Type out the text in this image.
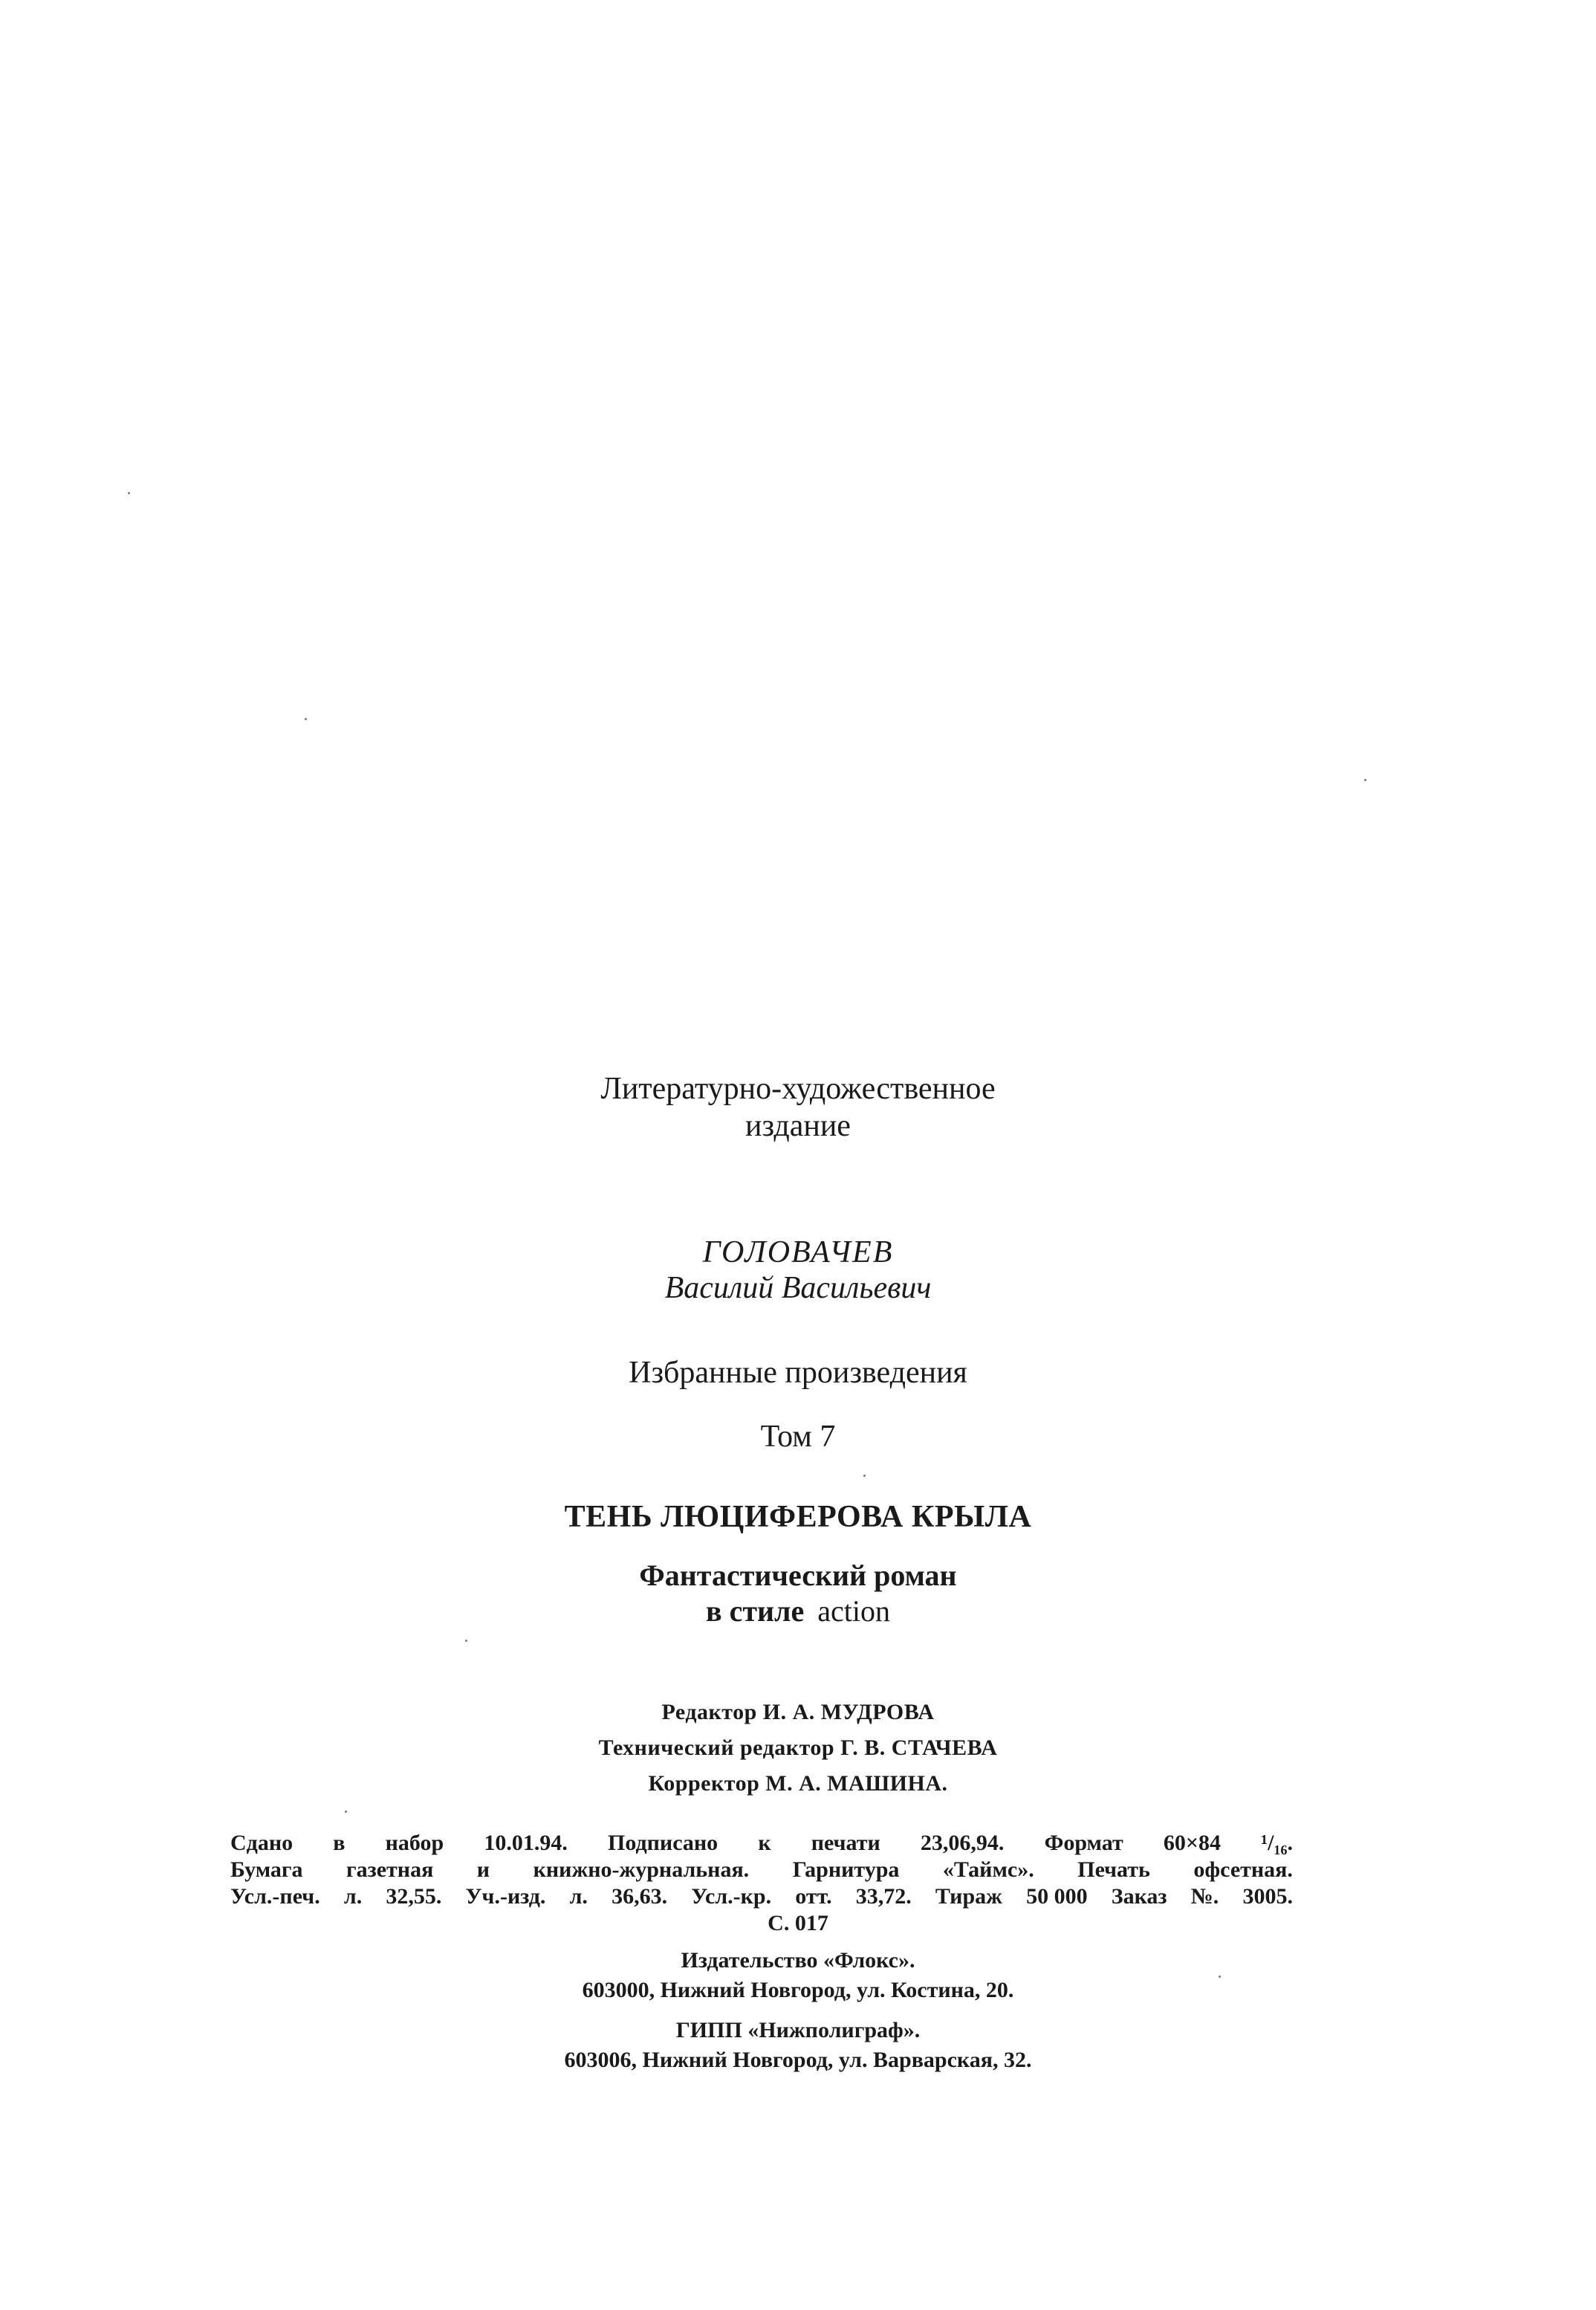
Литературно-художественное
издание
ГОЛОВАЧЕВ
Василий Васильевич
Избранные произведения
Том 7
ТЕНЬ ЛЮЦИФЕРОВА КРЫЛА
Фантастический роман
в стиле action
Редактор И. А. МУДРОВА
Технический редактор Г. В. СТАЧЕВА
Корректор М. А. МАШИНА.
Сдано в набор 10.01.94. Подписано к печати 23,06,94. Формат 60×84 ¹/₁₆.
Бумага газетная и книжно-журнальная. Гарнитура «Таймс». Печать офсетная.
Усл.-печ. л. 32,55. Уч.-изд. л. 36,63. Усл.-кр. отт. 33,72. Тираж 50 000 Заказ №. 3005.
С. 017
Издательство «Флокс».
603000, Нижний Новгород, ул. Костина, 20.
ГИПП «Нижполиграф».
603006, Нижний Новгород, ул. Варварская, 32.
